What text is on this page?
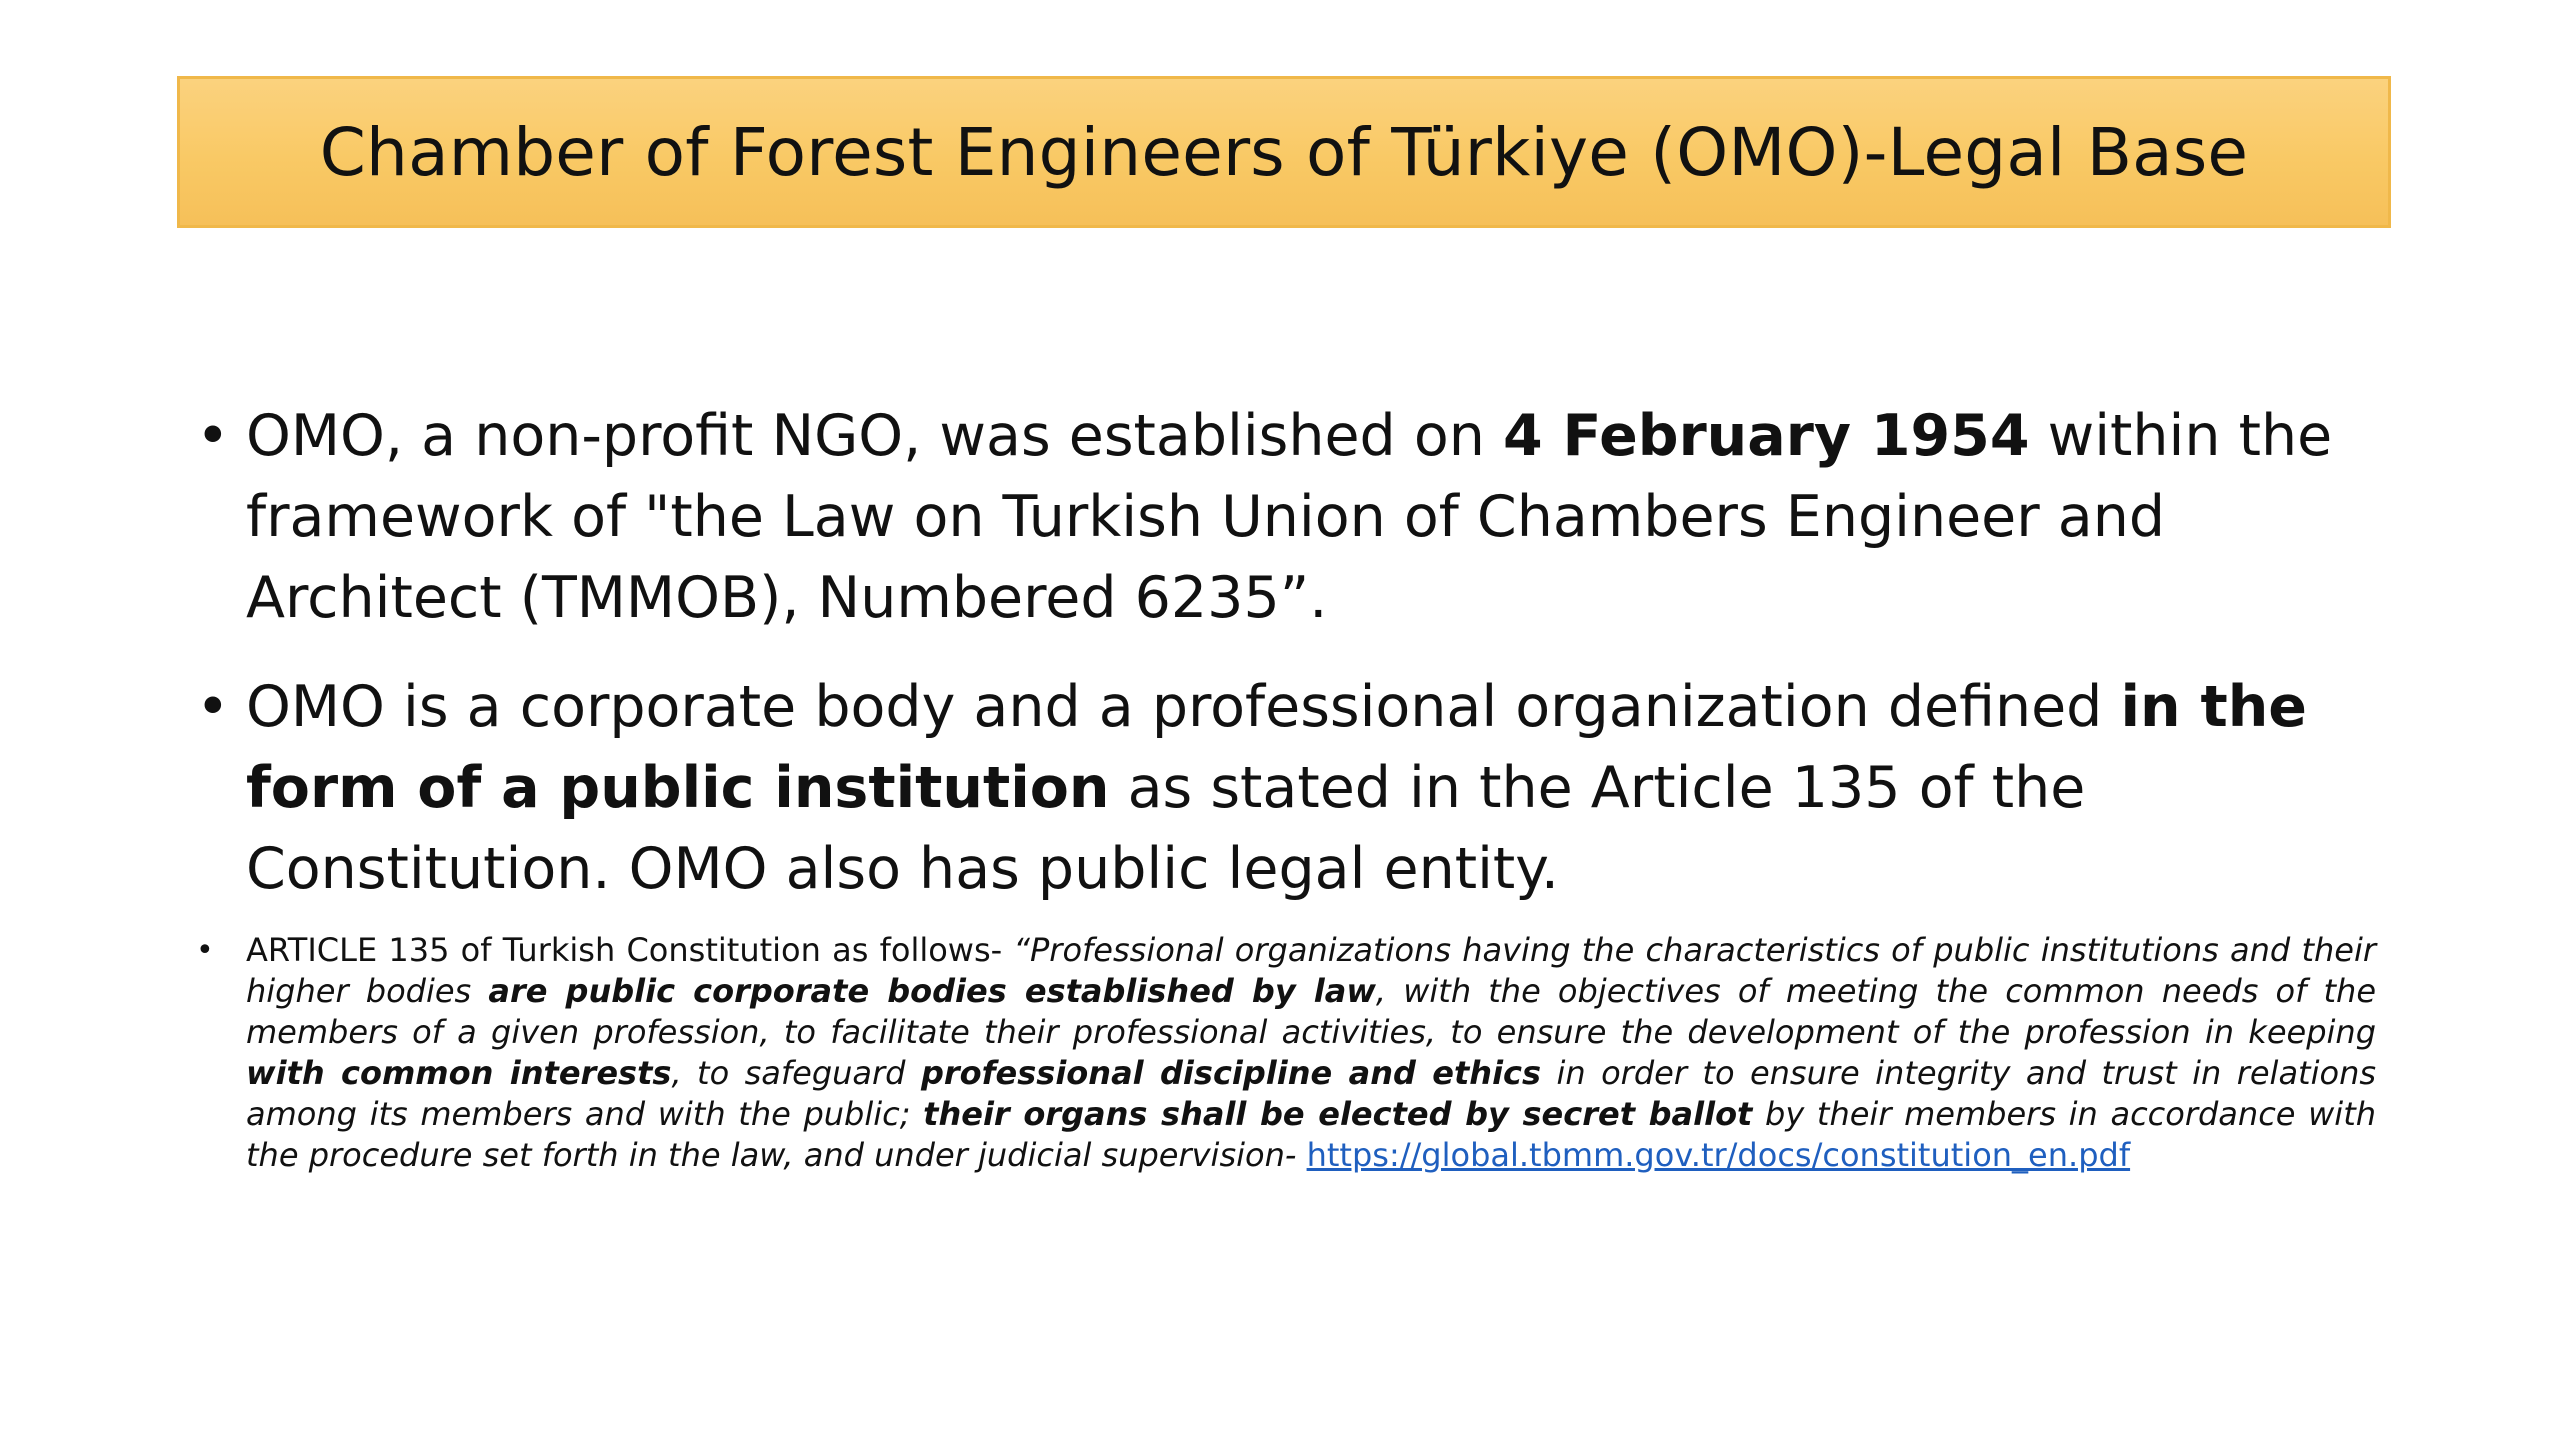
Chamber of Forest Engineers of Türkiye (OMO)-Legal Base
• OMO, a non-profit NGO, was established on 4 February 1954 within the framework of "the Law on Turkish Union of Chambers Engineer and Architect (TMMOB), Numbered 6235”.
• OMO is a corporate body and a professional organization defined in the form of a public institution as stated in the Article 135 of the Constitution. OMO also has public legal entity.
•	ARTICLE 135 of Turkish Constitution as follows- “Professional organizations having the characteristics of public institutions and their higher bodies are public corporate bodies established by law, with the objectives of meeting the common needs of the members of a given profession, to facilitate their professional activities, to ensure the development of the profession in keeping with common interests, to safeguard professional discipline and ethics in order to ensure integrity and trust in relations among its members and with the public; their organs shall be elected by secret ballot by their members in accordance with the procedure set forth in the law, and under judicial supervision- https://global.tbmm.gov.tr/docs/constitution_en.pdf
